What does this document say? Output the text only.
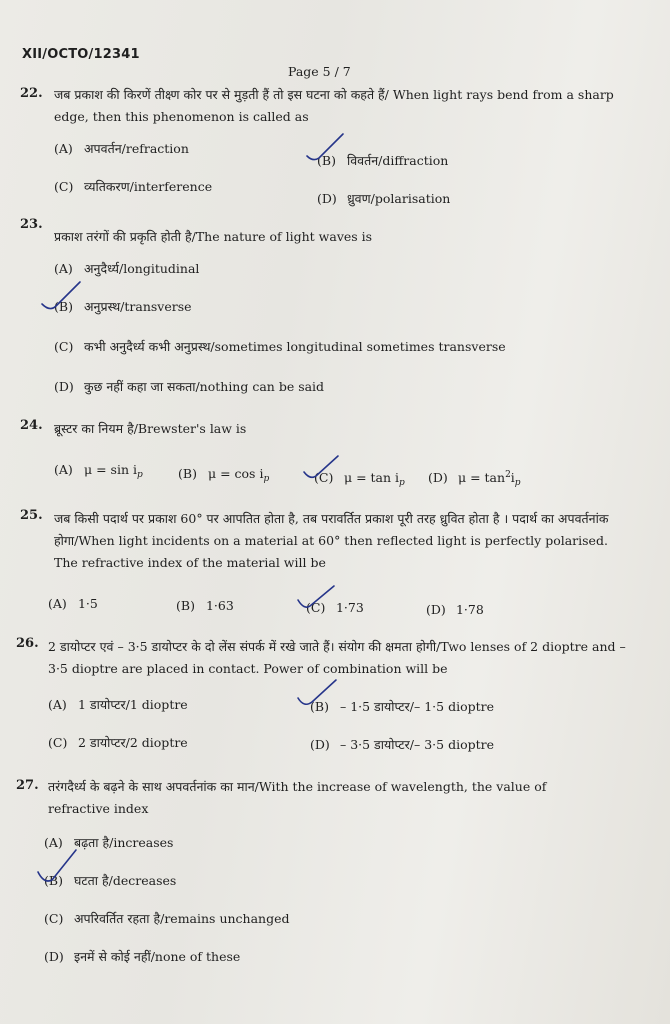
XII/OCTO/12341
Page 5 / 7
22. जब प्रकाश की किरणें तीक्ष्ण कोर पर से मुड़ती हैं तो इस घटना को कहते हैं/ When light rays bend from a sharp edge, then this phenomenon is called as
(A) अपवर्तन/refraction
(B) विवर्तन/diffraction
(C) व्यतिकरण/interference
(D) ध्रुवण/polarisation
23.
प्रकाश तरंगों की प्रकृति होती है/The nature of light waves is
(A) अनुदैर्ध्य/longitudinal
(B) अनुप्रस्थ/transverse
(C) कभी अनुदैर्ध्य कभी अनुप्रस्थ/sometimes longitudinal sometimes transverse
(D) कुछ नहीं कहा जा सकता/nothing can be said
24. ब्रूस्टर का नियम है/Brewster's law is
(A) $\mu = \sin i_p$	(B) $\mu = \cos i_p$	(C) $\mu = \tan i_p$ (D) $\mu = \tan^2i_p$
25. जब किसी पदार्थ पर प्रकाश 60° पर आपतित होता है, तब परावर्तित प्रकाश पूरी तरह ध्रुवित होता है । पदार्थ का अपवर्तनांक होगा/When light incidents on a material at 60° then reflected light is perfectly polarised. The refractive index of the material will be
(A) 1·5	(B) 1·63	(C) 1·73	(D) 1·78
26. 2 डायोप्टर एवं – 3·5 डायोप्टर के दो लेंस संपर्क में रखे जाते हैं। संयोग की क्षमता होगी/Two lenses of 2 dioptre and – 3·5 dioptre are placed in contact. Power of combination will be
(A) 1 डायोप्टर/1 dioptre	(B) – 1·5 डायोप्टर/– 1·5 dioptre
(C) 2 डायोप्टर/2 dioptre	(D) – 3·5 डायोप्टर/– 3·5 dioptre
27. तरंगदैर्ध्य के बढ़ने के साथ अपवर्तनांक का मान/With the increase of wavelength, the value of refractive index
(A) बढ़ता है/increases
(B) घटता है/decreases
(C) अपरिवर्तित रहता है/remains unchanged
(D) इनमें से कोई नहीं/none of these
